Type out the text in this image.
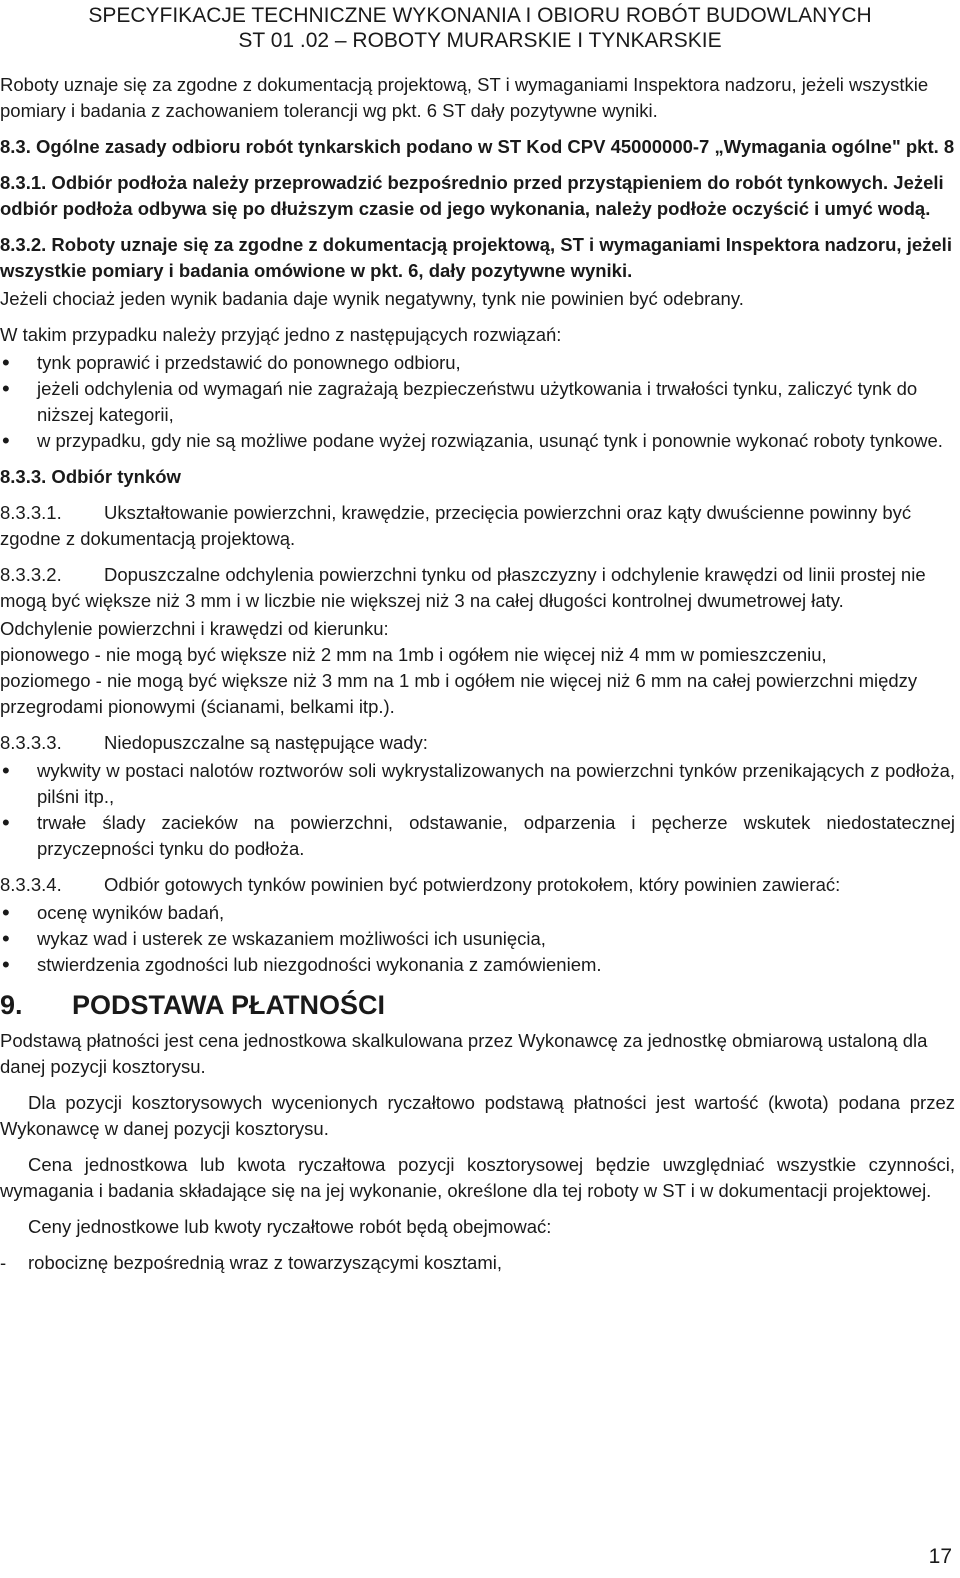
SPECYFIKACJE TECHNICZNE WYKONANIA I OBIORU ROBÓT BUDOWLANYCH
ST 01 .02 – ROBOTY MURARSKIE I TYNKARSKIE

Roboty uznaje się za zgodne z dokumentacją projektową, ST i wymaganiami Inspektora nadzoru, jeżeli wszystkie pomiary i badania z zachowaniem tolerancji wg pkt. 6 ST dały pozytywne wyniki.

8.3. Ogólne zasady odbioru robót tynkarskich podano w ST Kod CPV 45000000-7 „Wymagania ogólne" pkt. 8

8.3.1. Odbiór podłoża należy przeprowadzić bezpośrednio przed przystąpieniem do robót tynkowych. Jeżeli odbiór podłoża odbywa się po dłuższym czasie od jego wykonania, należy podłoże oczyścić i umyć wodą.

8.3.2. Roboty uznaje się za zgodne z dokumentacją projektową, ST i wymaganiami Inspektora nadzoru, jeżeli wszystkie pomiary i badania omówione w pkt. 6, dały pozytywne wyniki.

Jeżeli chociaż jeden wynik badania daje wynik negatywny, tynk nie powinien być odebrany.

W takim przypadku należy przyjąć jedno z następujących rozwiązań:

• tynk poprawić i przedstawić do ponownego odbioru,
• jeżeli odchylenia od wymagań nie zagrażają bezpieczeństwu użytkowania i trwałości tynku, zaliczyć tynk do niższej kategorii,
• w przypadku, gdy nie są możliwe podane wyżej rozwiązania, usunąć tynk i ponownie wykonać roboty tynkowe.

8.3.3. Odbiór tynków

8.3.3.1. Ukształtowanie powierzchni, krawędzie, przecięcia powierzchni oraz kąty dwuścienne powinny być zgodne z dokumentacją projektową.

8.3.3.2. Dopuszczalne odchylenia powierzchni tynku od płaszczyzny i odchylenie krawędzi od linii prostej nie mogą być większe niż 3 mm i w liczbie nie większej niż 3 na całej długości kontrolnej dwumetrowej łaty.

Odchylenie powierzchni i krawędzi od kierunku:
pionowego - nie mogą być większe niż 2 mm na 1mb i ogółem nie więcej niż 4 mm w pomieszczeniu,

poziomego - nie mogą być większe niż 3 mm na 1 mb i ogółem nie więcej niż 6 mm na całej powierzchni między przegrodami pionowymi (ścianami, belkami itp.).

8.3.3.3. Niedopuszczalne są następujące wady:

• wykwity w postaci nalotów roztworów soli wykrystalizowanych na powierzchni tynków przenikających z podłoża, pilśni itp.,
• trwałe ślady zacieków na powierzchni, odstawanie, odparzenia i pęcherze wskutek niedostatecznej przyczepności tynku do podłoża.

8.3.3.4. Odbiór gotowych tynków powinien być potwierdzony protokołem, który powinien zawierać:

• ocenę wyników badań,
• wykaz wad i usterek ze wskazaniem możliwości ich usunięcia,
• stwierdzenia zgodności lub niezgodności wykonania z zamówieniem.
9. PODSTAWA PŁATNOŚCI

Podstawą płatności jest cena jednostkowa skalkulowana przez Wykonawcę za jednostkę obmiarową ustaloną dla danej pozycji kosztorysu.

Dla pozycji kosztorysowych wycenionych ryczałtowo podstawą płatności jest wartość (kwota) podana przez Wykonawcę w danej pozycji kosztorysu.

Cena jednostkowa lub kwota ryczałtowa pozycji kosztorysowej będzie uwzględniać wszystkie czynności, wymagania i badania składające się na jej wykonanie, określone dla tej roboty w ST i w dokumentacji projektowej.

Ceny jednostkowe lub kwoty ryczałtowe robót będą obejmować:

- robociznę bezpośrednią wraz z towarzyszącymi kosztami,
17
